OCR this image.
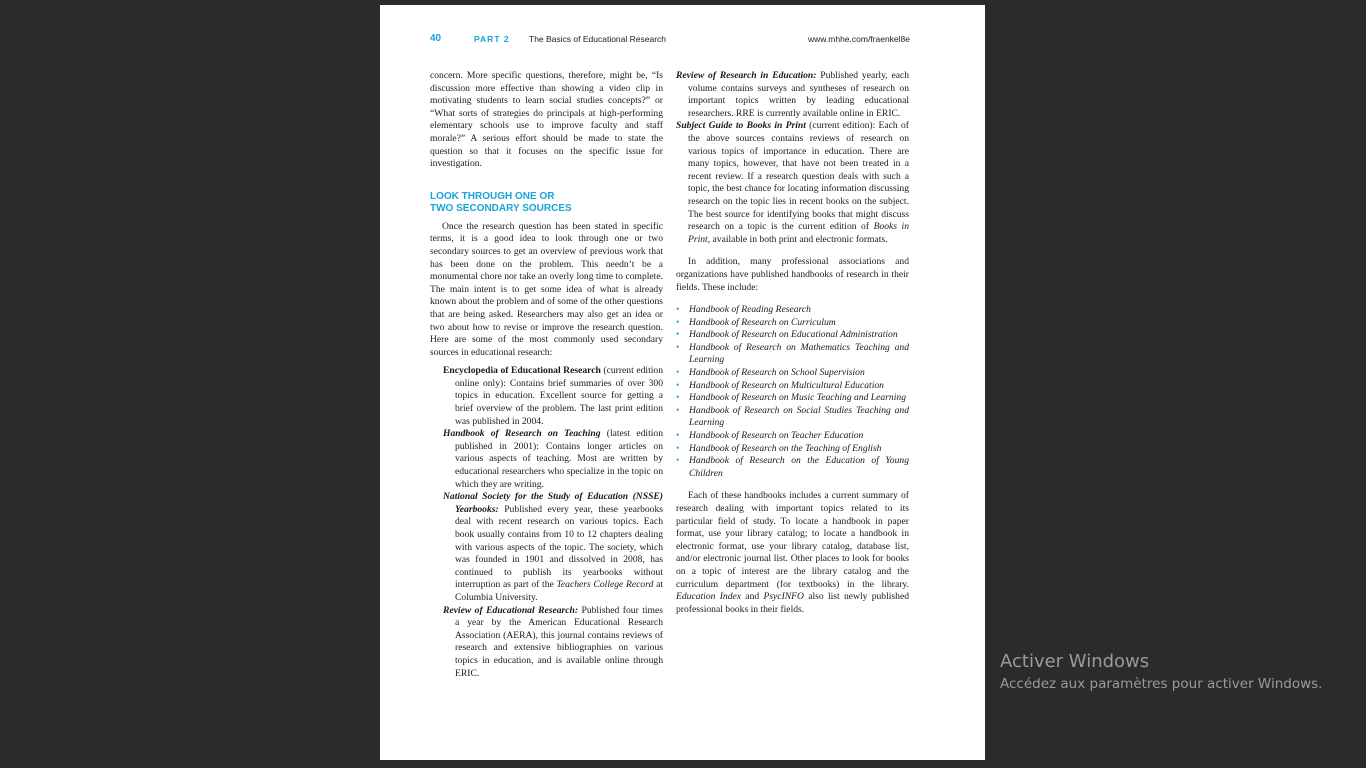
40	PART 2 The Basics of Educational Research	www.mhhe.com/fraenkel8e

concern. More specific questions, therefore, might be, “Is discussion more effective than showing a video clip in motivating students to learn social studies concepts?” or “What sorts of strategies do principals at high-performing elementary schools use to improve faculty and staff morale?” A serious effort should be made to state the question so that it focuses on the specific issue for investigation.

LOOK THROUGH ONE OR
TWO SECONDARY SOURCES

Once the research question has been stated in specific terms, it is a good idea to look through one or two secondary sources to get an overview of previous work that has been done on the problem. This needn’t be a monumental chore nor take an overly long time to complete. The main intent is to get some idea of what is already known about the problem and of some of the other questions that are being asked. Researchers may also get an idea or two about how to revise or improve the research question. Here are some of the most commonly used secondary sources in educational research:

Encyclopedia of Educational Research (current edition online only): Contains brief summaries of over 300 topics in education. Excellent source for getting a brief overview of the problem. The last print edition was published in 2004.

Handbook of Research on Teaching (latest edition published in 2001): Contains longer articles on various aspects of teaching. Most are written by educational researchers who specialize in the topic on which they are writing.

National Society for the Study of Education (NSSE) Yearbooks: Published every year, these yearbooks deal with recent research on various topics. Each book usually contains from 10 to 12 chapters dealing with various aspects of the topic. The society, which was founded in 1901 and dissolved in 2008, has continued to publish its yearbooks without interruption as part of the Teachers College Record at Columbia University.

Review of Educational Research: Published four times a year by the American Educational Research Association (AERA), this journal contains reviews of research and extensive bibliographies on various topics in education, and is available online through ERIC.

Review of Research in Education: Published yearly, each volume contains surveys and syntheses of research on important topics written by leading educational researchers. RRE is currently available online in ERIC.

Subject Guide to Books in Print (current edition): Each of the above sources contains reviews of research on various topics of importance in education. There are many topics, however, that have not been treated in a recent review. If a research question deals with such a topic, the best chance for locating information discussing research on the topic lies in recent books on the subject. The best source for identifying books that might discuss research on a topic is the current edition of Books in Print, available in both print and electronic formats.

In addition, many professional associations and organizations have published handbooks of research in their fields. These include:

• Handbook of Reading Research
• Handbook of Research on Curriculum
• Handbook of Research on Educational Administration
• Handbook of Research on Mathematics Teaching and Learning
• Handbook of Research on School Supervision
• Handbook of Research on Multicultural Education
• Handbook of Research on Music Teaching and Learning
• Handbook of Research on Social Studies Teaching and Learning
• Handbook of Research on Teacher Education
• Handbook of Research on the Teaching of English
• Handbook of Research on the Education of Young Children

Each of these handbooks includes a current summary of research dealing with important topics related to its particular field of study. To locate a handbook in paper format, use your library catalog; to locate a handbook in electronic format, use your library catalog, database list, and/or electronic journal list. Other places to look for books on a topic of interest are the library catalog and the curriculum department (for textbooks) in the library. Education Index and PsycINFO also list newly published professional books in their fields.

Activer Windows
Accédez aux paramètres pour activer Windows.
